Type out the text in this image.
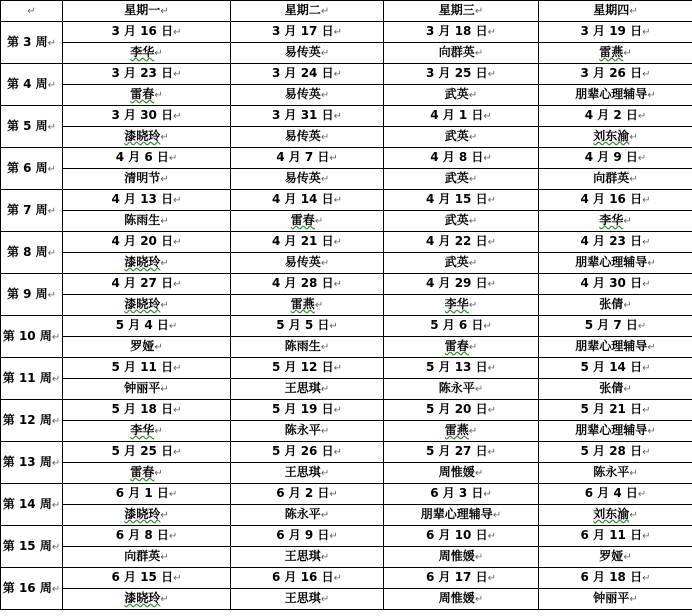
↵	星期一↵	星期二↵	星期三↵	星期四↵
第 3 周↵	3 月 16 日↵	3 月 17 日↵	3 月 18 日↵	3 月 19 日↵
	李华↵	易传英↵	向群英↵	雷燕↵
第 4 周↵	3 月 23 日↵	3 月 24 日↵	3 月 25 日↵	3 月 26 日↵
	雷春↵	易传英↵	武英↵	朋辈心理辅导↵
第 5 周↵	3 月 30 日↵	3 月 31 日↵	4 月 1 日↵	4 月 2 日↵
	漆晓玲↵	易传英↵	武英↵	刘东渝↵
第 6 周↵	4 月 6 日↵	4 月 7 日↵	4 月 8 日↵	4 月 9 日↵
	清明节↵	易传英↵	武英↵	向群英↵
第 7 周↵	4 月 13 日↵	4 月 14 日↵	4 月 15 日↵	4 月 16 日↵
	陈雨生↵	雷春↵	武英↵	李华↵
第 8 周↵	4 月 20 日↵	4 月 21 日↵	4 月 22 日↵	4 月 23 日↵
	漆晓玲↵	易传英↵	武英↵	朋辈心理辅导↵
第 9 周↵	4 月 27 日↵	4 月 28 日↵	4 月 29 日↵	4 月 30 日↵
	漆晓玲↵	雷燕↵	李华↵	张倩↵
第 10 周↵	5 月 4 日↵	5 月 5 日↵	5 月 6 日↵	5 月 7 日↵
	罗娅↵	陈雨生↵	雷春↵	朋辈心理辅导↵
第 11 周↵	5 月 11 日↵	5 月 12 日↵	5 月 13 日↵	5 月 14 日↵
	钟丽平↵	王思琪↵	陈永平↵	张倩↵
第 12 周↵	5 月 18 日↵	5 月 19 日↵	5 月 20 日↵	5 月 21 日↵
	李华↵	陈永平↵	雷燕↵	朋辈心理辅导↵
第 13 周↵	5 月 25 日↵	5 月 26 日↵	5 月 27 日↵	5 月 28 日↵
	雷春↵	王思琪↵	周惟媛↵	陈永平↵
第 14 周↵	6 月 1 日↵	6 月 2 日↵	6 月 3 日↵	6 月 4 日↵
	漆晓玲↵	陈永平↵	朋辈心理辅导↵	刘东渝↵
第 15 周↵	6 月 8 日↵	6 月 9 日↵	6 月 10 日↵	6 月 11 日↵
	向群英↵	王思琪↵	周惟媛↵	罗娅↵
第 16 周↵	6 月 15 日↵	6 月 16 日↵	6 月 17 日↵	6 月 18 日↵
	漆晓玲↵	王思琪↵	周惟媛↵	钟丽平↵
